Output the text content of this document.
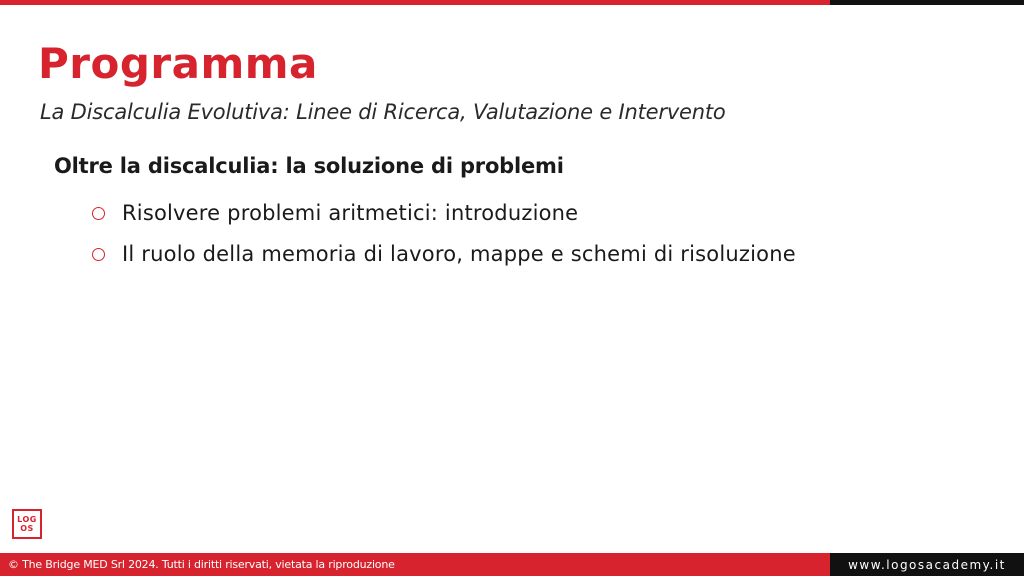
Programma
La Discalculia Evolutiva: Linee di Ricerca, Valutazione e Intervento
Oltre la discalculia: la soluzione di problemi
Risolvere problemi aritmetici: introduzione
Il ruolo della memoria di lavoro, mappe e schemi di risoluzione
LOG
OS
© The Bridge MED Srl 2024. Tutti i diritti riservati, vietata la riproduzione	www.logosacademy.it
